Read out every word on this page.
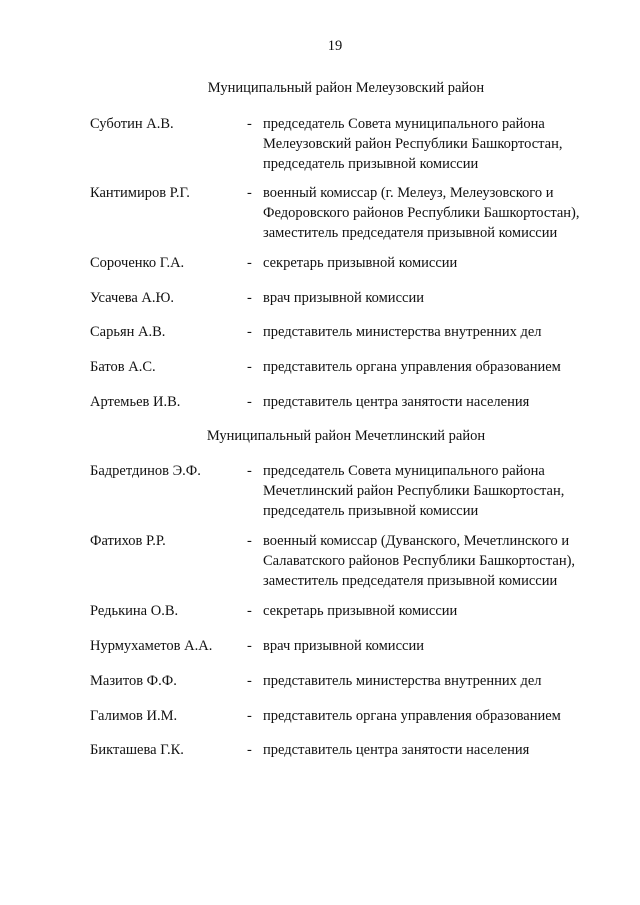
19
Муниципальный район Мелеузовский район
Суботин А.В.	- председатель Совета муниципального района
Мелеузовский район Республики Башкортостан,
председатель призывной комиссии
Кантимиров Р.Г.	- военный комиссар (г. Мелеуз, Мелеузовского и
Федоровского районов Республики Башкортостан),
заместитель председателя призывной комиссии
Сороченко Г.А.	- секретарь призывной комиссии
Усачева А.Ю.	- врач призывной комиссии
Сарьян А.В.	- представитель министерства внутренних дел
Батов А.С.	- представитель органа управления образованием
Артемьев И.В.	- представитель центра занятости населения
Муниципальный район Мечетлинский район
Бадретдинов Э.Ф.	- председатель Совета муниципального района
Мечетлинский район Республики Башкортостан,
председатель призывной комиссии
Фатихов Р.Р.	- военный комиссар (Дуванского, Мечетлинского и
Салаватского районов Республики Башкортостан),
заместитель председателя призывной комиссии
Редькина О.В.	- секретарь призывной комиссии
Нурмухаметов А.А. - врач призывной комиссии
Мазитов Ф.Ф.	- представитель министерства внутренних дел
Галимов И.М.	- представитель органа управления образованием
Бикташева Г.К.	- представитель центра занятости населения
